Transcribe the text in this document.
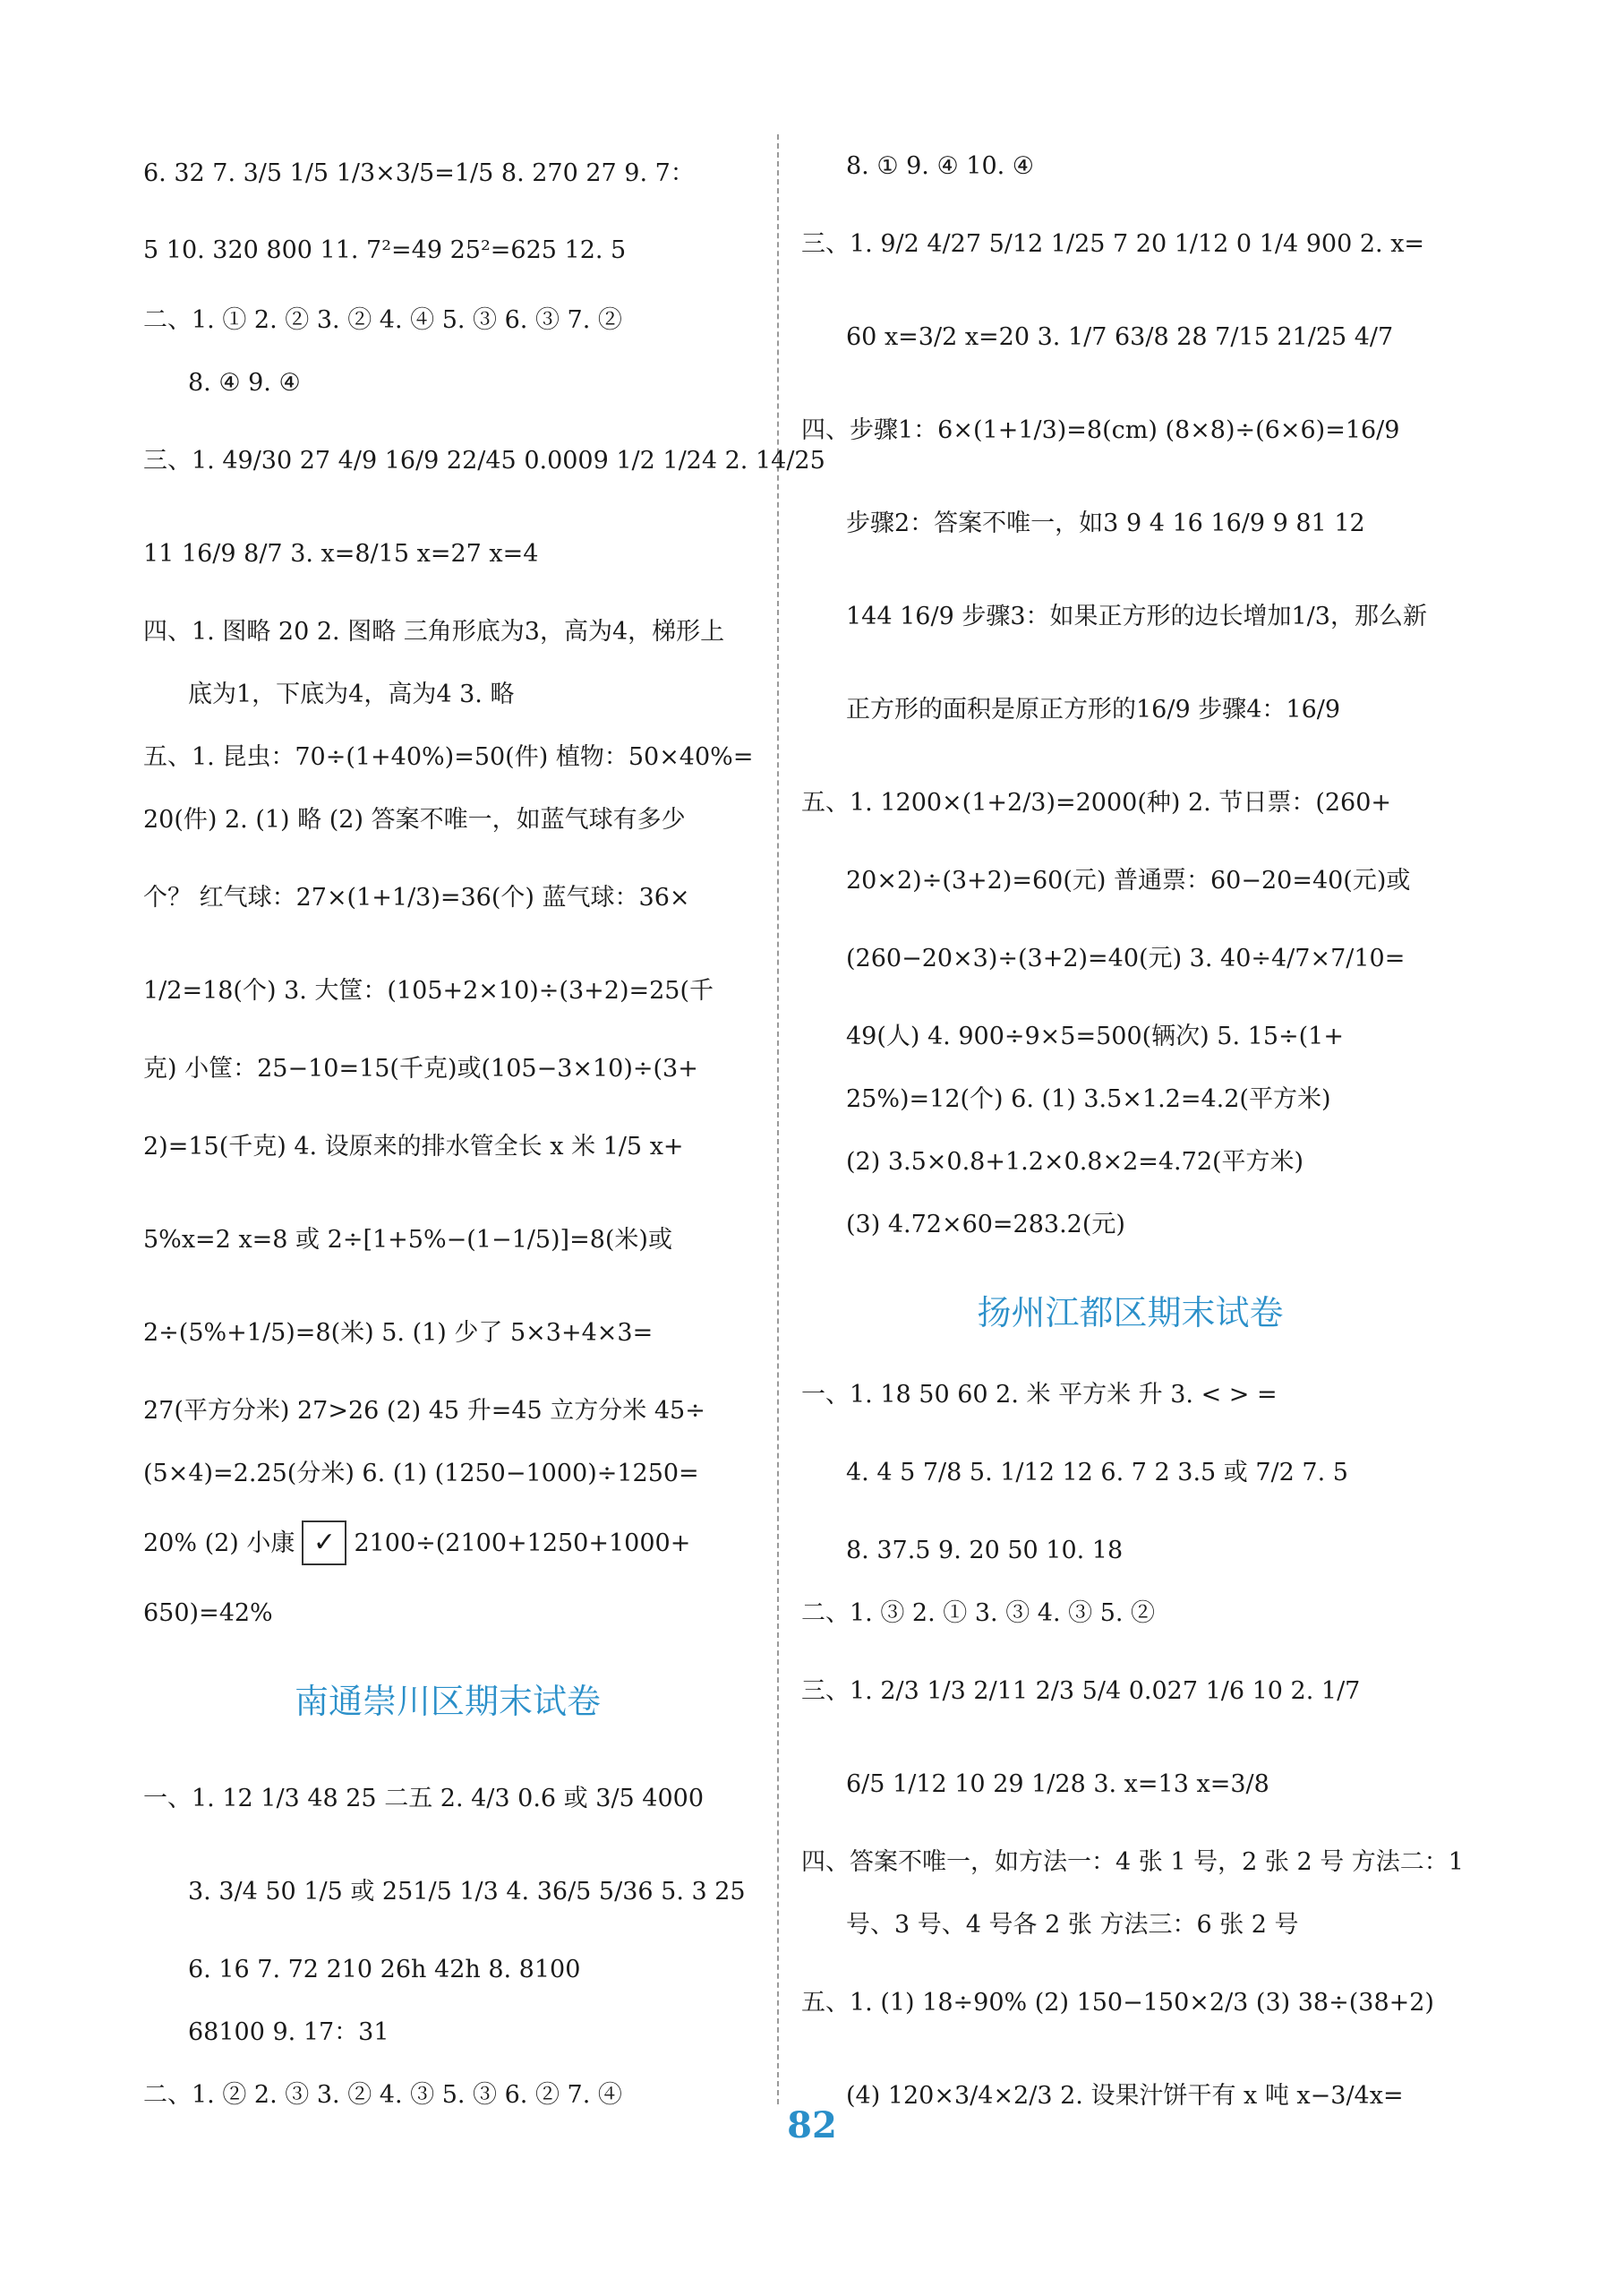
6. 32 7. 3/5 1/5 1/3×3/5=1/5 8. 270 27 9. 7：
5 10. 320 800 11. 7²=49 25²=625 12. 5
二、1. ① 2. ② 3. ② 4. ④ 5. ③ 6. ③ 7. ②
8. ④ 9. ④
三、1. 49/30 27 4/9 16/9 22/45 0.0009 1/2 1/24 2. 14/25
11 16/9 8/7 3. x=8/15 x=27 x=4
四、1. 图略 20 2. 图略 三角形底为3，高为4，梯形上
底为1，下底为4，高为4 3. 略
五、1. 昆虫：70÷(1+40%)=50(件) 植物：50×40%=
20(件) 2. (1) 略 (2) 答案不唯一，如蓝气球有多少
个？ 红气球：27×(1+1/3)=36(个) 蓝气球：36×
1/2=18(个) 3. 大筐：(105+2×10)÷(3+2)=25(千
克) 小筐：25−10=15(千克)或(105−3×10)÷(3+
2)=15(千克) 4. 设原来的排水管全长 x 米 1/5 x+
5%x=2 x=8 或 2÷[1+5%−(1−1/5)]=8(米)或
2÷(5%+1/5)=8(米) 5. (1) 少了 5×3+4×3=
27(平方分米) 27>26 (2) 45 升=45 立方分米 45÷
(5×4)=2.25(分米) 6. (1) (1250−1000)÷1250=
20% (2) 小康 ✓ 2100÷(2100+1250+1000+
650)=42%
南通崇川区期末试卷
一、1. 12 1/3 48 25 二五 2. 4/3 0.6 或 3/5 4000
3. 3/4 50 1/5 或 251/5 1/3 4. 36/5 5/36 5. 3 25
6. 16 7. 72 210 26h 42h 8. 8100
68100 9. 17：31
二、1. ② 2. ③ 3. ② 4. ③ 5. ③ 6. ② 7. ④
8. ① 9. ④ 10. ④
三、1. 9/2 4/27 5/12 1/25 7 20 1/12 0 1/4 900 2. x=
60 x=3/2 x=20 3. 1/7 63/8 28 7/15 21/25 4/7
四、步骤1：6×(1+1/3)=8(cm) (8×8)÷(6×6)=16/9
步骤2：答案不唯一，如3 9 4 16 16/9 9 81 12
144 16/9 步骤3：如果正方形的边长增加1/3，那么新
正方形的面积是原正方形的16/9 步骤4：16/9
五、1. 1200×(1+2/3)=2000(种) 2. 节日票：(260+
20×2)÷(3+2)=60(元) 普通票：60−20=40(元)或
(260−20×3)÷(3+2)=40(元) 3. 40÷4/7×7/10=
49(人) 4. 900÷9×5=500(辆次) 5. 15÷(1+
25%)=12(个) 6. (1) 3.5×1.2=4.2(平方米)
(2) 3.5×0.8+1.2×0.8×2=4.72(平方米)
(3) 4.72×60=283.2(元)
扬州江都区期末试卷
一、1. 18 50 60 2. 米 平方米 升 3. < > =
4. 4 5 7/8 5. 1/12 12 6. 7 2 3.5 或 7/2 7. 5
8. 37.5 9. 20 50 10. 18
二、1. ③ 2. ① 3. ③ 4. ③ 5. ②
三、1. 2/3 1/3 2/11 2/3 5/4 0.027 1/6 10 2. 1/7
6/5 1/12 10 29 1/28 3. x=13 x=3/8
四、答案不唯一，如方法一：4 张 1 号，2 张 2 号 方法二：1
号、3 号、4 号各 2 张 方法三：6 张 2 号
五、1. (1) 18÷90% (2) 150−150×2/3 (3) 38÷(38+2)
(4) 120×3/4×2/3 2. 设果汁饼干有 x 吨 x−3/4x=
82
